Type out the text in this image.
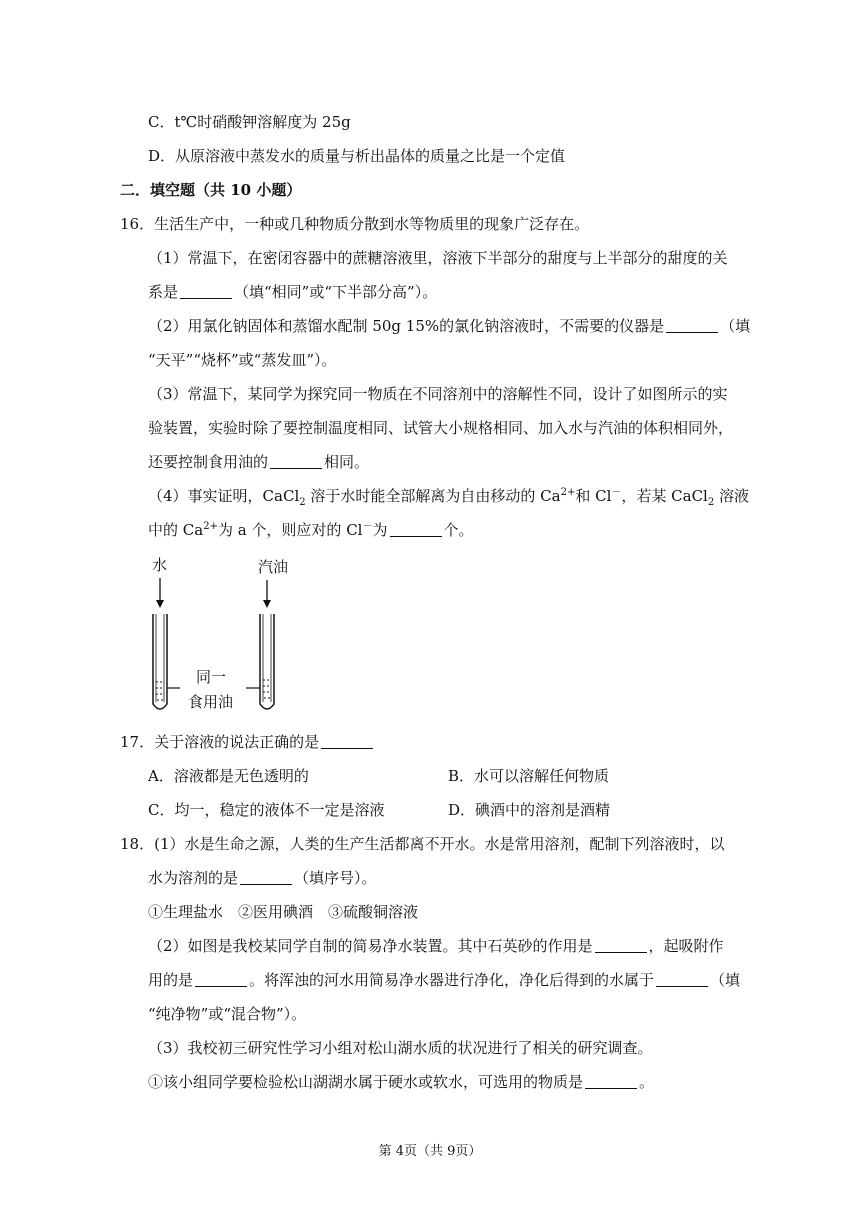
C．t℃时硝酸钾溶解度为 25g
D．从原溶液中蒸发水的质量与析出晶体的质量之比是一个定值
二．填空题（共 10 小题）
16．生活生产中，一种或几种物质分散到水等物质里的现象广泛存在。
（1）常温下，在密闭容器中的蔗糖溶液里，溶液下半部分的甜度与上半部分的甜度的关
系是	（填“相同”或“下半部分高”）。
（2）用氯化钠固体和蒸馏水配制 50g 15%的氯化钠溶液时，不需要的仪器是	（填
“天平”“烧杯”或“蒸发皿”）。
（3）常温下，某同学为探究同一物质在不同溶剂中的溶解性不同，设计了如图所示的实
验装置，实验时除了要控制温度相同、试管大小规格相同、加入水与汽油的体积相同外，
还要控制食用油的	相同。
（4）事实证明，CaCl$_2$ 溶于水时能全部解离为自由移动的 $Ca^{2+}$和 Cl－，若某 CaCl$_2$ 溶液
中的 $Ca^{2+}$为 a 个，则应对的 Cl－为	个。
水	汽油
同一
食用油
17．关于溶液的说法正确的是
A．溶液都是无色透明的	B．水可以溶解任何物质
C．均一，稳定的液体不一定是溶液	D．碘酒中的溶剂是酒精
18．(1）水是生命之源，人类的生产生活都离不开水。水是常用溶剂，配制下列溶液时，以
水为溶剂的是	（填序号）。
①生理盐水　②医用碘酒　③硫酸铜溶液
（2）如图是我校某同学自制的简易净水装置。其中石英砂的作用是	，起吸附作
用的是	。将浑浊的河水用简易净水器进行净化，净化后得到的水属于	（填
“纯净物”或“混合物”）。
（3）我校初三研究性学习小组对松山湖水质的状况进行了相关的研究调查。
①该小组同学要检验松山湖湖水属于硬水或软水，可选用的物质是	。
第 4页（共 9页）
